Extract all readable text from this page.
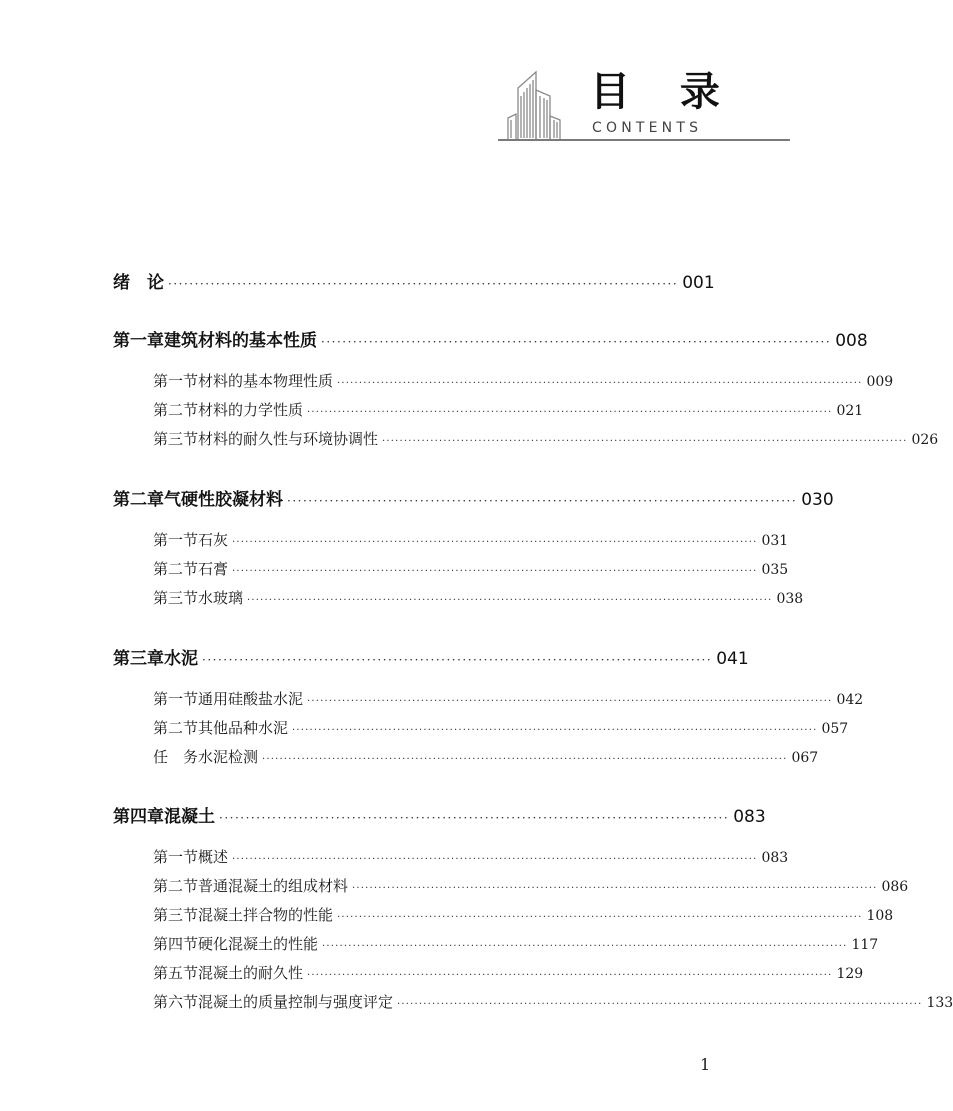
目 录
CONTENTS
绪　论 ································································································ 001
第一章 建筑材料的基本性质 ································································································ 008
第一节 材料的基本物理性质 ························································································································ 009
第二节 材料的力学性质 ························································································································ 021
第三节 材料的耐久性与环境协调性 ························································································································ 026
第二章 气硬性胶凝材料 ································································································ 030
第一节 石灰 ························································································································ 031
第二节 石膏 ························································································································ 035
第三节 水玻璃 ························································································································ 038
第三章 水泥 ································································································ 041
第一节 通用硅酸盐水泥 ························································································································ 042
第二节 其他品种水泥 ························································································································ 057
任　务 水泥检测 ························································································································ 067
第四章 混凝土 ································································································ 083
第一节 概述 ························································································································ 083
第二节 普通混凝土的组成材料 ························································································································ 086
第三节 混凝土拌合物的性能 ························································································································ 108
第四节 硬化混凝土的性能 ························································································································ 117
第五节 混凝土的耐久性 ························································································································ 129
第六节 混凝土的质量控制与强度评定 ························································································································ 133
1
